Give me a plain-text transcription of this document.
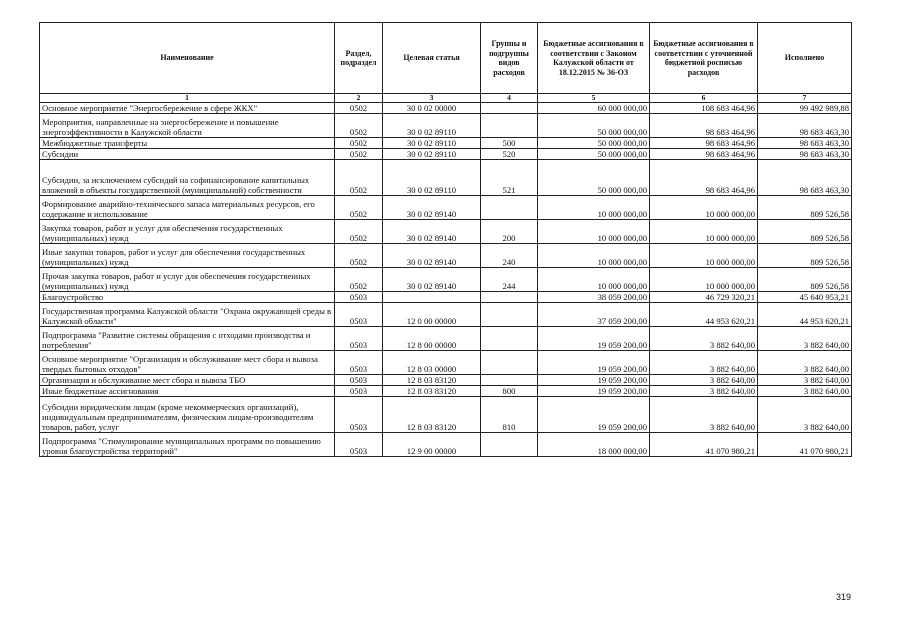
Наименование	Раздел, подраздел	Целевая статья	Группы и подгруппы видов расходов	Бюджетные ассигнования в соответствии с Законом Калужской области от 18.12.2015 № 36-ОЗ	Бюджетные ассигнования в соответствии с уточненной бюджетной росписью расходов	Исполнено
1	2	3	4	5	6	7
Основное мероприятие "Энергосбережение в сфере ЖКХ"	0502	30 0 02 00000		60 000 000,00	108 683 464,96	99 492 989,88
Мероприятия, направленные на энергосбережение и повышение энергоэффективности в Калужской области	0502	30 0 02 89110		50 000 000,00	98 683 464,96	98 683 463,30
Межбюджетные трансферты	0502	30 0 02 89110	500	50 000 000,00	98 683 464,96	98 683 463,30
Субсидии	0502	30 0 02 89110	520	50 000 000,00	98 683 464,96	98 683 463,30
Субсидии, за исключением субсидий на софинансирование капитальных вложений в объекты государственной (муниципальной) собственности	0502	30 0 02 89110	521	50 000 000,00	98 683 464,96	98 683 463,30
Формирование аварийно-технического запаса материальных ресурсов, его содержание и использование	0502	30 0 02 89140		10 000 000,00	10 000 000,00	809 526,58
Закупка товаров, работ и услуг для обеспечения государственных (муниципальных) нужд	0502	30 0 02 89140	200	10 000 000,00	10 000 000,00	809 526,58
Иные закупки товаров, работ и услуг для обеспечения государственных (муниципальных) нужд	0502	30 0 02 89140	240	10 000 000,00	10 000 000,00	809 526,58
Прочая закупка товаров, работ и услуг для обеспечения государственных (муниципальных) нужд	0502	30 0 02 89140	244	10 000 000,00	10 000 000,00	809 526,58
Благоустройство	0503			38 059 200,00	46 729 320,21	45 640 953,21
Государственная программа Калужской области "Охрана окружающей среды в Калужской области"	0503	12 0 00 00000		37 059 200,00	44 953 620,21	44 953 620,21
Подпрограмма "Развитие системы обращения с отходами производства и потребления"	0503	12 8 00 00000		19 059 200,00	3 882 640,00	3 882 640,00
Основное мероприятие "Организация и обслуживание мест сбора и вывоза твердых бытовых отходов"	0503	12 8 03 00000		19 059 200,00	3 882 640,00	3 882 640,00
Организация и обслуживание мест сбора и вывоза ТБО	0503	12 8 03 83120		19 059 200,00	3 882 640,00	3 882 640,00
Иные бюджетные ассигнования	0503	12 8 03 83120	800	19 059 200,00	3 882 640,00	3 882 640,00
Субсидии юридическим лицам (кроме некоммерческих организаций), индивидуальным предпринимателям, физическим лицам-производителям товаров, работ, услуг	0503	12 8 03 83120	810	19 059 200,00	3 882 640,00	3 882 640,00
Подпрограмма "Стимулирование муниципальных программ по повышению уровня благоустройства территорий"	0503	12 9 00 00000		18 000 000,00	41 070 980,21	41 070 980,21
319
